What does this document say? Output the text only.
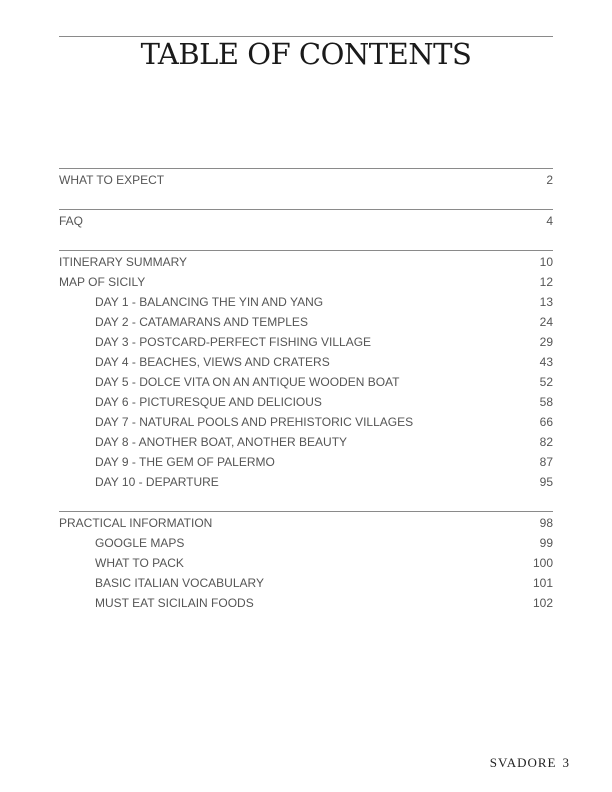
TABLE OF CONTENTS
WHAT TO EXPECT	2
FAQ	4
ITINERARY SUMMARY	10
MAP OF SICILY	12
DAY 1 - BALANCING THE YIN AND YANG	13
DAY 2 - CATAMARANS AND TEMPLES	24
DAY 3 - POSTCARD-PERFECT FISHING VILLAGE	29
DAY 4 - BEACHES, VIEWS AND CRATERS	43
DAY 5 - DOLCE VITA ON AN ANTIQUE WOODEN BOAT	52
DAY 6 - PICTURESQUE AND DELICIOUS	58
DAY 7 - NATURAL POOLS AND PREHISTORIC VILLAGES	66
DAY 8 - ANOTHER BOAT, ANOTHER BEAUTY	82
DAY 9 - THE GEM OF PALERMO	87
DAY 10 - DEPARTURE	95
PRACTICAL INFORMATION	98
GOOGLE MAPS	99
WHAT TO PACK	100
BASIC ITALIAN VOCABULARY	101
MUST EAT SICILAIN FOODS	102
SVADORE 3
